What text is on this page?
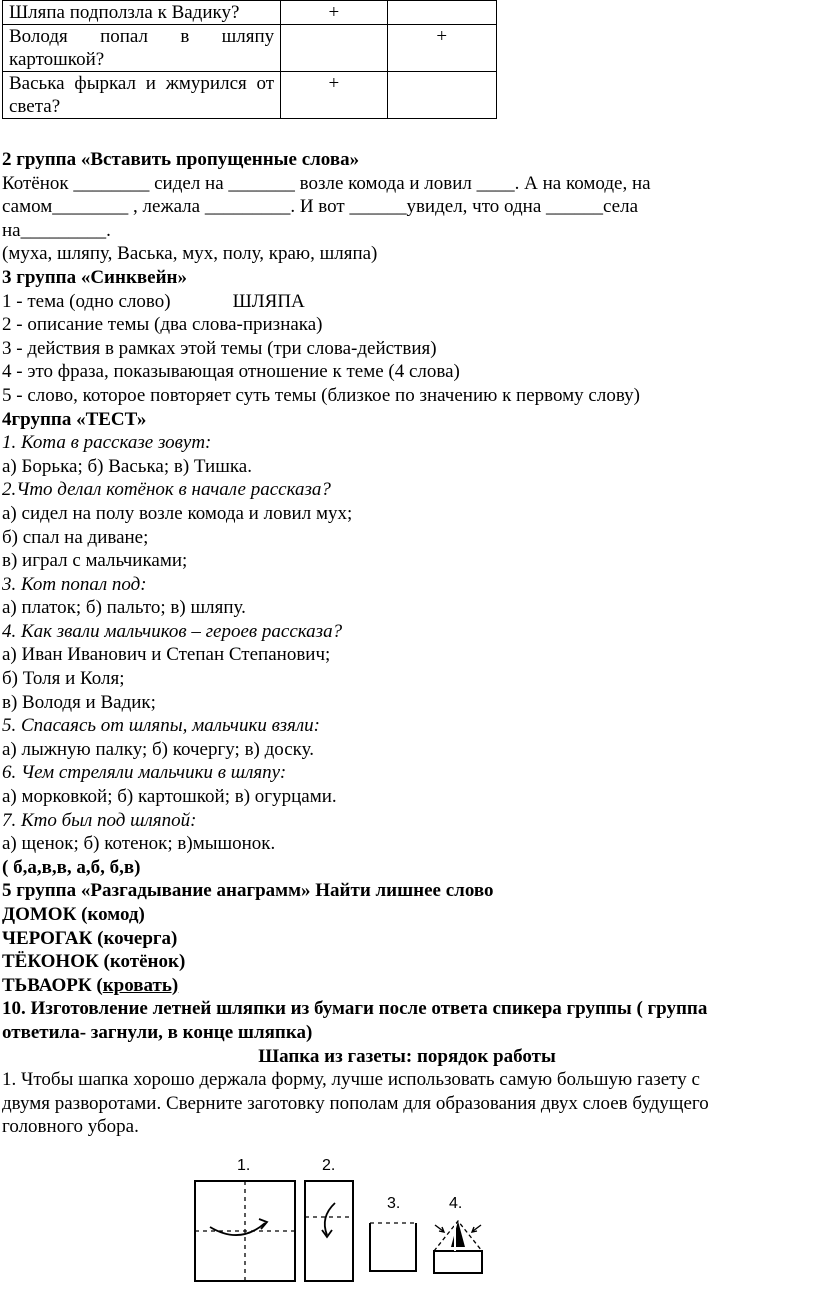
Шляпа подползла к Вадику?	+	
Володя попал в шляпу картошкой?		+
Васька фыркал и жмурился от света?	+	
2 группа «Вставить пропущенные слова»
Котёнок ________ сидел на _______ возле комода и ловил ____. А на комоде, на
самом________ , лежала _________. И вот ______увидел, что одна ______села
на_________.
(муха, шляпу, Васька, мух, полу, краю, шляпа)
3 группа «Синквейн»
1 - тема (одно слово)	ШЛЯПА
2 - описание темы (два слова-признака)
3 - действия в рамках этой темы (три слова-действия)
4 - это фраза, показывающая отношение к теме (4 слова)
5 - слово, которое повторяет суть темы (близкое по значению к первому слову)
4группа «ТЕСТ»
1. Кота в рассказе зовут:
а) Борька; б) Васька; в) Тишка.
2.Что делал котёнок в начале рассказа?
а) сидел на полу возле комода и ловил мух;
б) спал на диване;
в) играл с мальчиками;
3. Кот попал под:
а) платок; б) пальто; в) шляпу.
4. Как звали мальчиков – героев рассказа?
а) Иван Иванович и Степан Степанович;
б) Толя и Коля;
в) Володя и Вадик;
5. Спасаясь от шляпы, мальчики взяли:
а) лыжную палку; б) кочергу; в) доску.
6. Чем стреляли мальчики в шляпу:
а) морковкой; б) картошкой; в) огурцами.
7. Кто был под шляпой:
а) щенок; б) котенок; в)мышонок.
( б,а,в,в, а,б, б,в)
5 группа «Разгадывание анаграмм» Найти лишнее слово
ДОМОК (комод)
ЧЕРОГАК (кочерга)
ТЁКОНОК (котёнок)
ТЬВАОРК (кровать)
10. Изготовление летней шляпки из бумаги после ответа спикера группы ( группа
ответила- загнули, в конце шляпка)
Шапка из газеты: порядок работы
1. Чтобы шапка хорошо держала форму, лучше использовать самую большую газету с
двумя разворотами. Сверните заготовку пополам для образования двух слоев будущего
головного убора.
1.	2.
3.	4.
